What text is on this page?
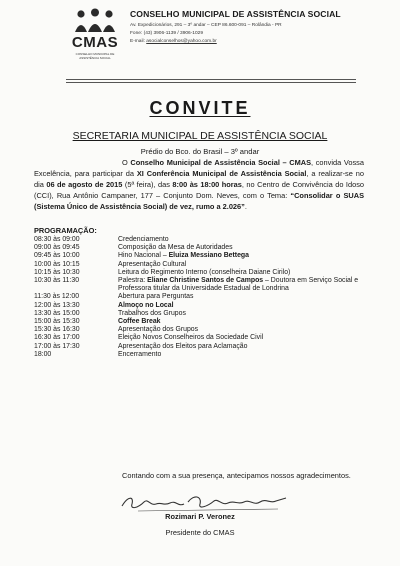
CMAS
CONSELHO MUNICIPAL DE ASSISTÊNCIA SOCIAL
CONSELHO MUNICIPAL DE ASSISTÊNCIA SOCIAL
Av. Expedicionários, 291 – 3º andar – CEP 86.600-091 – Rolândia - PR
Fone: (43) 3906-1139 / 3906-1029
E-mail: asocialconselhos@yahoo.com.br
CONVITE
SECRETARIA MUNICIPAL DE ASSISTÊNCIA SOCIAL
Prédio do Bco. do Brasil – 3º andar
O Conselho Municipal de Assistência Social – CMAS, convida Vossa Excelência, para participar da XI Conferência Municipal de Assistência Social, a realizar-se no dia 06 de agosto de 2015 (5ª feira), das 8:00 às 18:00 horas, no Centro de Convivência do Idoso (CCI), Rua Antônio Campaner, 177 – Conjunto Dom. Neves, com o Tema: “Consolidar o SUAS (Sistema Único de Assistência Social) de vez, rumo a 2.026”.
PROGRAMAÇÃO:
08:30 às 09:00	Credenciamento
09:00 às 09:45	Composição da Mesa de Autoridades
09:45 às 10:00	Hino Nacional – Eluiza Messiano Bettega
10:00 às 10:15	Apresentação Cultural
10:15 às 10:30	Leitura do Regimento Interno (conselheira Daiane Cirilo)
10:30 às 11:30	Palestra: Eliane Christine Santos de Campos – Doutora em Serviço Social e Professora titular da Universidade Estadual de Londrina
11:30 às 12:00	Abertura para Perguntas
12:00 às 13:30	Almoço no Local
13:30 às 15:00	Trabalhos dos Grupos
15:00 às 15:30	Coffee Break
15:30 às 16:30	Apresentação dos Grupos
16:30 às 17:00	Eleição Novos Conselheiros da Sociedade Civil
17:00 às 17:30	Apresentação dos Eleitos para Aclamação
18:00	Encerramento
Contando com a sua presença, antecipamos nossos agradecimentos.
Rozimari P. Veronez
Presidente do CMAS
